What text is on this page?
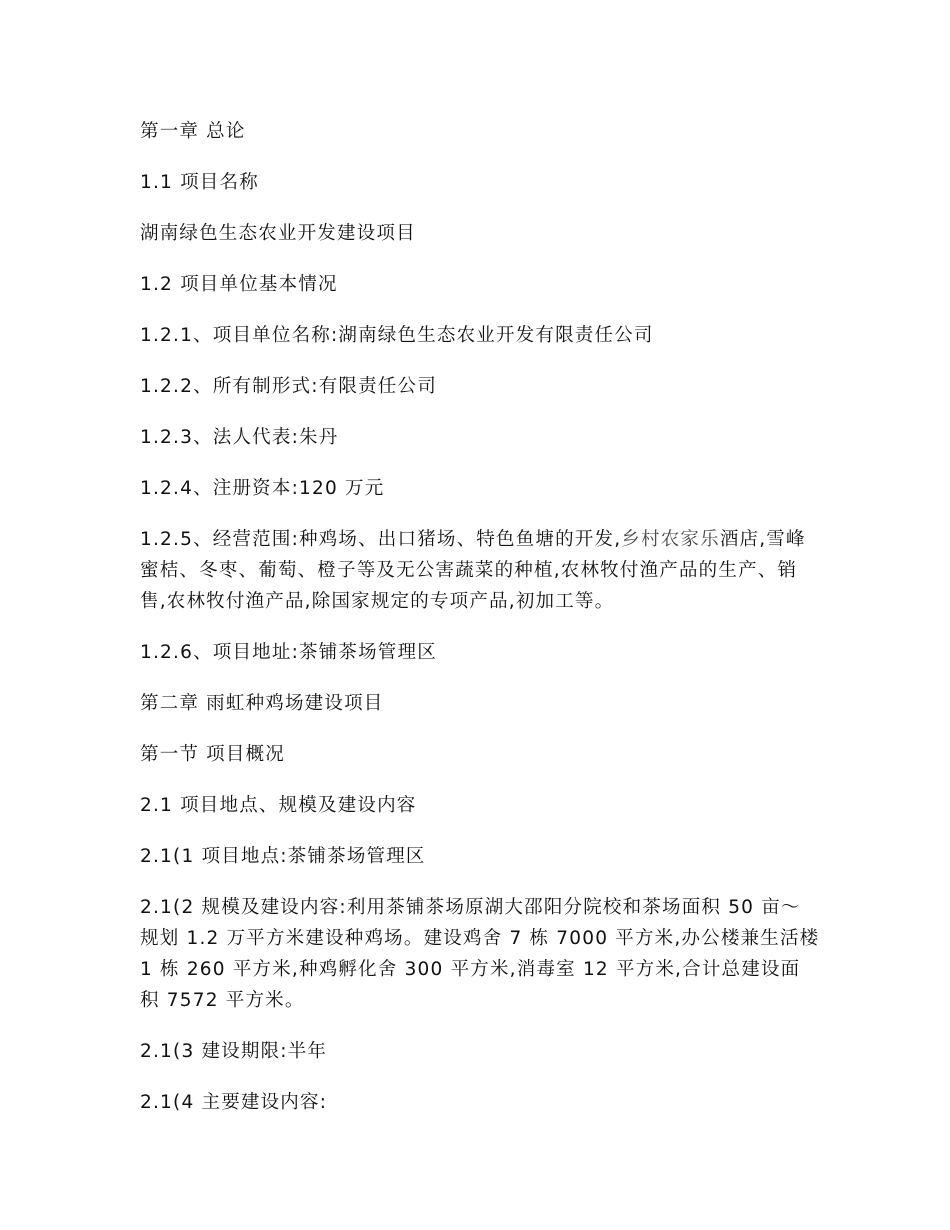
第一章 总论

1.1 项目名称

湖南绿色生态农业开发建设项目

1.2 项目单位基本情况

1.2.1、项目单位名称:湖南绿色生态农业开发有限责任公司

1.2.2、所有制形式:有限责任公司

1.2.3、法人代表:朱丹

1.2.4、注册资本:120 万元

1.2.5、经营范围:种鸡场、出口猪场、特色鱼塘的开发,乡村农家乐酒店,雪峰蜜桔、冬枣、葡萄、橙子等及无公害蔬菜的种植,农林牧付渔产品的生产、销售,农林牧付渔产品,除国家规定的专项产品,初加工等。

1.2.6、项目地址:茶铺茶场管理区

第二章 雨虹种鸡场建设项目

第一节 项目概况

2.1 项目地点、规模及建设内容

2.1(1 项目地点:茶铺茶场管理区

2.1(2 规模及建设内容:利用茶铺茶场原湖大邵阳分院校和茶场面积 50 亩～规划 1.2 万平方米建设种鸡场。建设鸡舍 7 栋 7000 平方米,办公楼兼生活楼 1 栋 260 平方米,种鸡孵化舍 300 平方米,消毒室 12 平方米,合计总建设面积 7572 平方米。

2.1(3 建设期限:半年

2.1(4 主要建设内容:
